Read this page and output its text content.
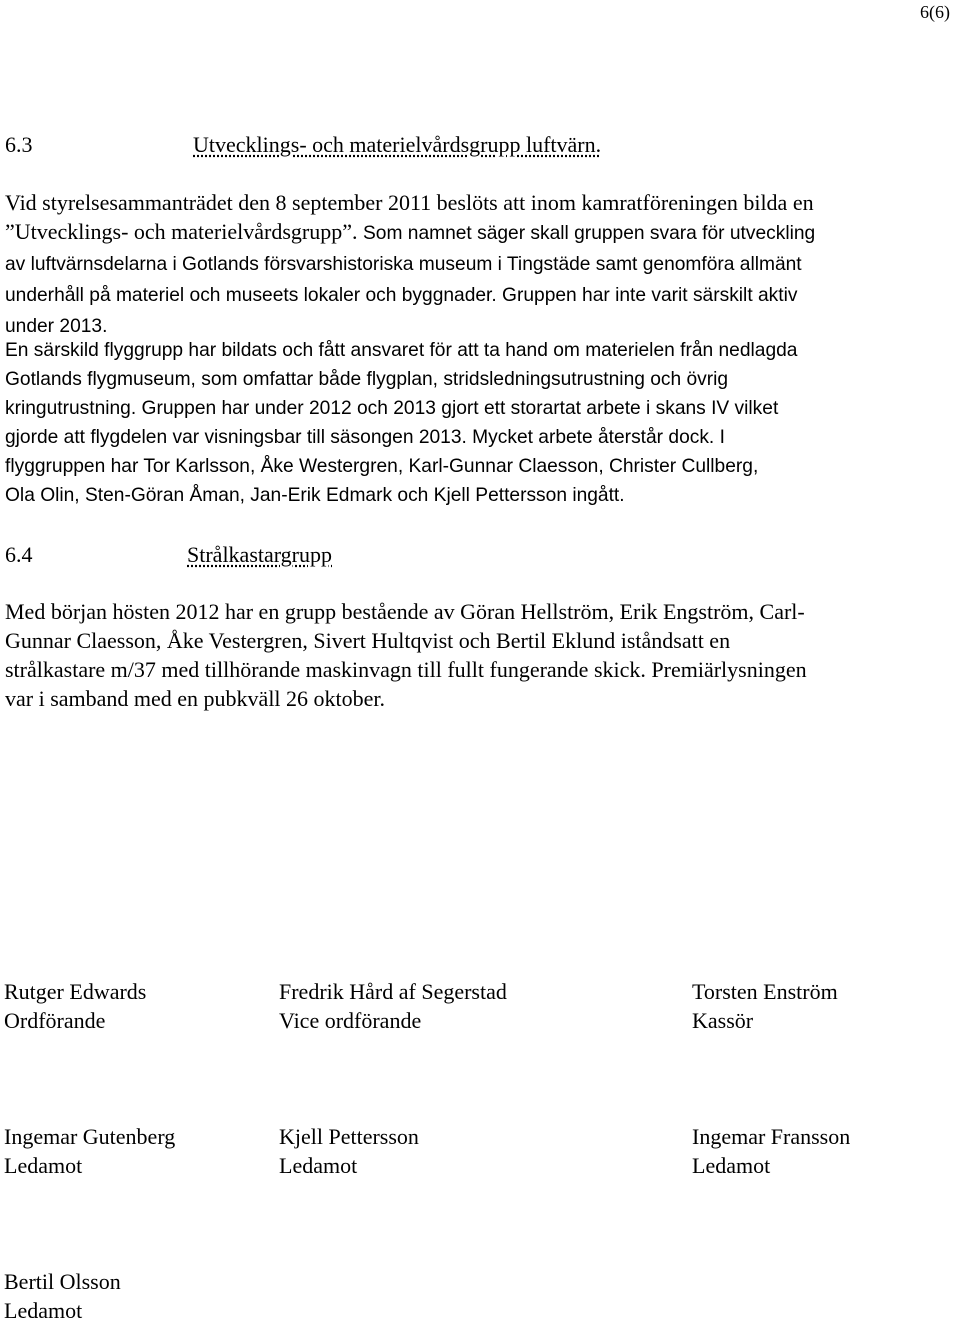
6(6)
6.3	Utvecklings- och materielvårdsgrupp luftvärn.

Vid styrelsesammanträdet den 8 september 2011 beslöts att inom kamratföreningen bilda en
”Utvecklings- och materielvårdsgrupp”. Som namnet säger skall gruppen svara för utveckling
av luftvärnsdelarna i Gotlands försvarshistoriska museum i Tingstäde samt genomföra allmänt
underhåll på materiel och museets lokaler och byggnader. Gruppen har inte varit särskilt aktiv
under 2013.

En särskild flyggrupp har bildats och fått ansvaret för att ta hand om materielen från nedlagda
Gotlands flygmuseum, som omfattar både flygplan, stridsledningsutrustning och övrig
kringutrustning. Gruppen har under 2012 och 2013 gjort ett storartat arbete i skans IV vilket
gjorde att flygdelen var visningsbar till säsongen 2013. Mycket arbete återstår dock. I
flyggruppen har Tor Karlsson, Åke Westergren, Karl-Gunnar Claesson, Christer Cullberg,
Ola Olin, Sten-Göran Åman, Jan-Erik Edmark och Kjell Pettersson ingått.

6.4	Strålkastargrupp

Med början hösten 2012 har en grupp bestående av Göran Hellström, Erik Engström, Carl-
Gunnar Claesson, Åke Vestergren, Sivert Hultqvist och Bertil Eklund iståndsatt en
strålkastare m/37 med tillhörande maskinvagn till fullt fungerande skick. Premiärlysningen
var i samband med en pubkväll 26 oktober.

Rutger Edwards
Ordförande
Fredrik Hård af Segerstad
Vice ordförande
Torsten Enström
Kassör
Ingemar Gutenberg
Ledamot
Kjell Pettersson
Ledamot
Ingemar Fransson
Ledamot
Bertil Olsson
Ledamot
